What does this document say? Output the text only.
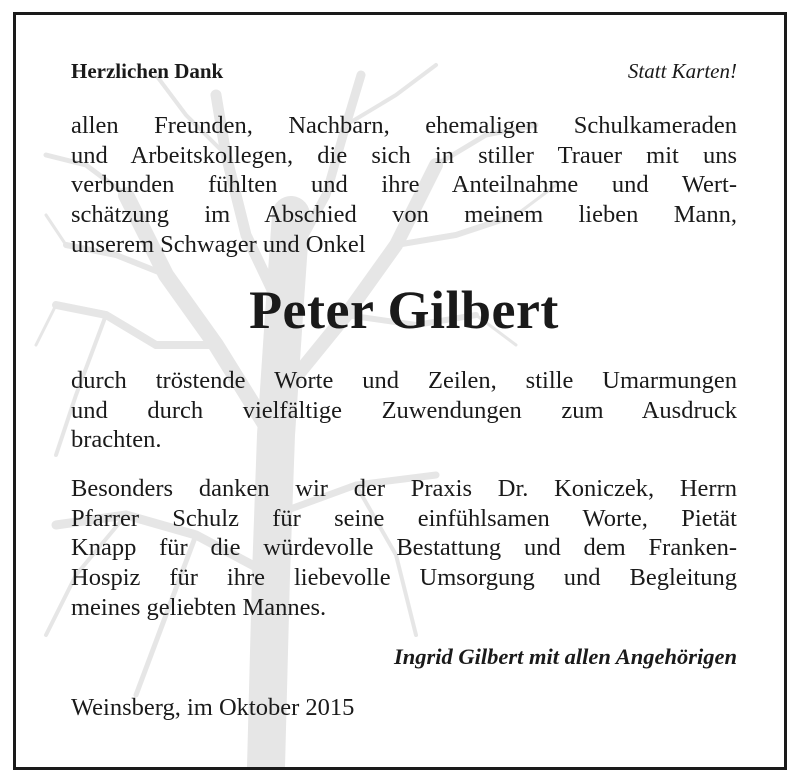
Herzlichen Dank	Statt Karten!
allen Freunden, Nachbarn, ehemaligen Schulkameraden
und Arbeitskollegen, die sich in stiller Trauer mit uns
verbunden fühlten und ihre Anteilnahme und Wert-
schätzung im Abschied von meinem lieben Mann,
unserem Schwager und Onkel
Peter Gilbert
durch tröstende Worte und Zeilen, stille Umarmungen
und durch vielfältige Zuwendungen zum Ausdruck
brachten.
Besonders danken wir der Praxis Dr. Koniczek, Herrn
Pfarrer Schulz für seine einfühlsamen Worte, Pietät
Knapp für die würdevolle Bestattung und dem Franken-
Hospiz für ihre liebevolle Umsorgung und Begleitung
meines geliebten Mannes.
Ingrid Gilbert mit allen Angehörigen
Weinsberg, im Oktober 2015
